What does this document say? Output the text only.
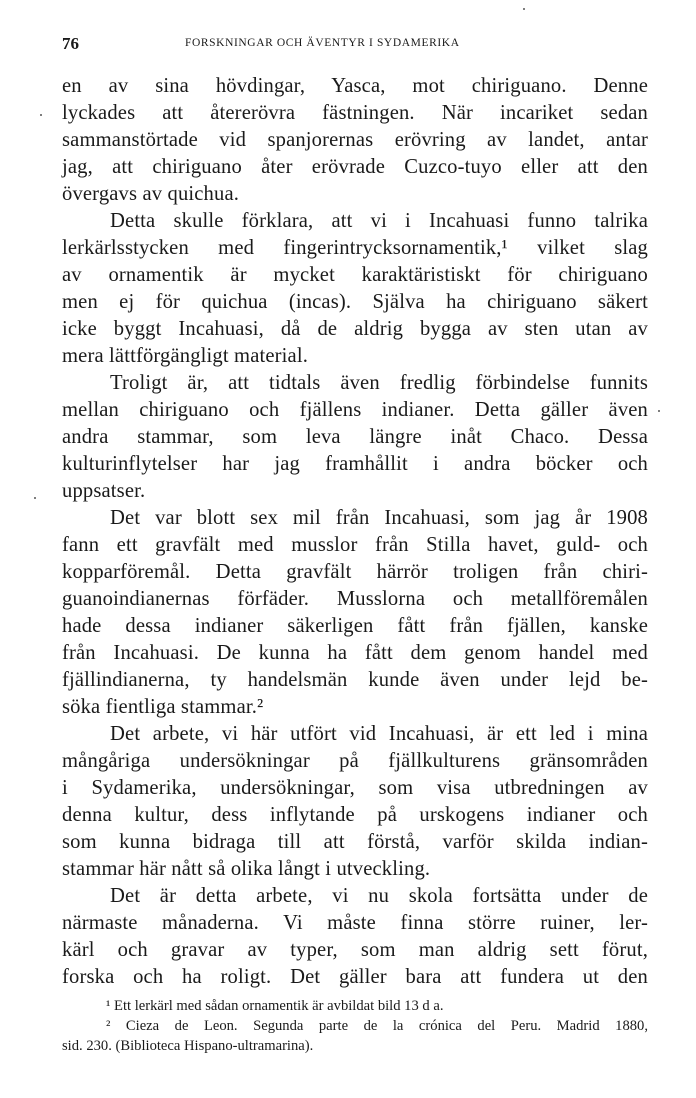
76	FORSKNINGAR OCH ÄVENTYR I SYDAMERIKA
en av sina hövdingar, Yasca, mot chiriguano. Denne
lyckades att återerövra fästningen. När incariket sedan
sammanstörtade vid spanjorernas erövring av landet, antar
jag, att chiriguano åter erövrade Cuzco-tuyo eller att den
övergavs av quichua.
Detta skulle förklara, att vi i Incahuasi funno talrika
lerkärlsstycken med fingerintrycksornamentik,¹ vilket slag
av ornamentik är mycket karaktäristiskt för chiriguano
men ej för quichua (incas). Själva ha chiriguano säkert
icke byggt Incahuasi, då de aldrig bygga av sten utan av
mera lättförgängligt material.
Troligt är, att tidtals även fredlig förbindelse funnits
mellan chiriguano och fjällens indianer. Detta gäller även
andra stammar, som leva längre inåt Chaco. Dessa
kulturinflytelser har jag framhållit i andra böcker och
uppsatser.
Det var blott sex mil från Incahuasi, som jag år 1908
fann ett gravfält med musslor från Stilla havet, guld- och
kopparföremål. Detta gravfält härrör troligen från chiri-
guanoindianernas förfäder. Musslorna och metallföremålen
hade dessa indianer säkerligen fått från fjällen, kanske
från Incahuasi. De kunna ha fått dem genom handel med
fjällindianerna, ty handelsmän kunde även under lejd be-
söka fientliga stammar.²
Det arbete, vi här utfört vid Incahuasi, är ett led i mina
mångåriga undersökningar på fjällkulturens gränsområden
i Sydamerika, undersökningar, som visa utbredningen av
denna kultur, dess inflytande på urskogens indianer och
som kunna bidraga till att förstå, varför skilda indian-
stammar här nått så olika långt i utveckling.
Det är detta arbete, vi nu skola fortsätta under de
närmaste månaderna. Vi måste finna större ruiner, ler-
kärl och gravar av typer, som man aldrig sett förut,
forska och ha roligt. Det gäller bara att fundera ut den
¹ Ett lerkärl med sådan ornamentik är avbildat bild 13 d a.
² Cieza de Leon. Segunda parte de la crónica del Peru. Madrid 1880,
sid. 230. (Biblioteca Hispano-ultramarina).
